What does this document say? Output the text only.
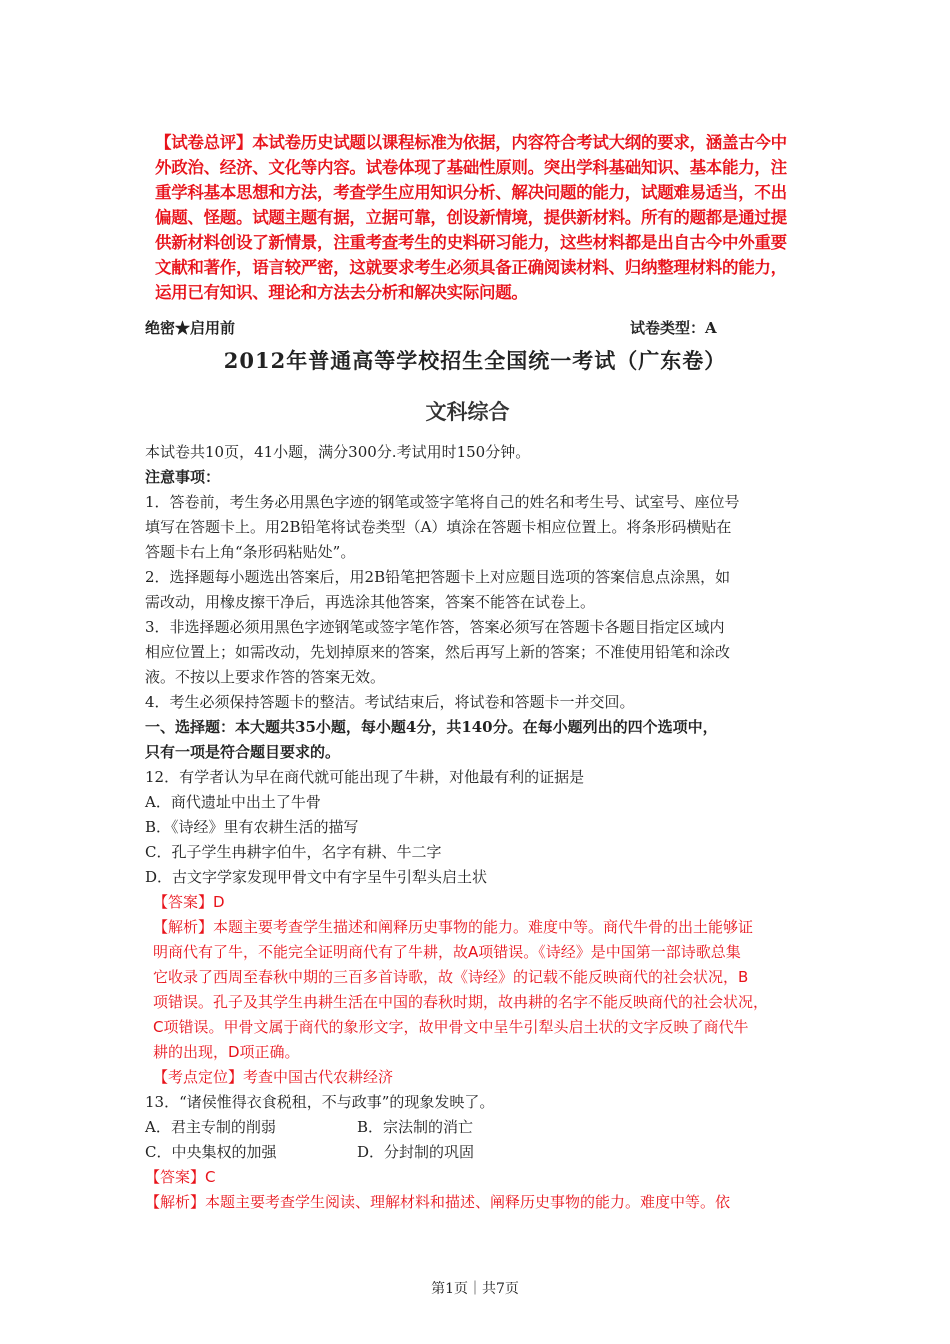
【试卷总评】本试卷历史试题以课程标准为依据，内容符合考试大纲的要求，涵盖古今中
外政治、经济、文化等内容。试卷体现了基础性原则。突出学科基础知识、基本能力，注
重学科基本思想和方法，考查学生应用知识分析、解决问题的能力，试题难易适当，不出
偏题、怪题。试题主题有据，立据可靠，创设新情境，提供新材料。所有的题都是通过提
供新材料创设了新情景，注重考查考生的史料研习能力，这些材料都是出自古今中外重要
文献和著作，语言较严密，这就要求考生必须具备正确阅读材料、归纳整理材料的能力，
运用已有知识、理论和方法去分析和解决实际问题。
绝密★启用前	试卷类型：A
2012年普通高等学校招生全国统一考试（广东卷）
文科综合
本试卷共10页，41小题，满分300分.考试用时150分钟。
注意事项：
1．答卷前，考生务必用黑色字迹的钢笔或签字笔将自己的姓名和考生号、试室号、座位号
填写在答题卡上。用2B铅笔将试卷类型（A）填涂在答题卡相应位置上。将条形码横贴在
答题卡右上角“条形码粘贴处”。
2．选择题每小题选出答案后，用2B铅笔把答题卡上对应题目选项的答案信息点涂黑，如
需改动，用橡皮擦干净后，再选涂其他答案，答案不能答在试卷上。
3．非选择题必须用黑色字迹钢笔或签字笔作答，答案必须写在答题卡各题目指定区域内
相应位置上；如需改动，先划掉原来的答案，然后再写上新的答案；不准使用铅笔和涂改
液。不按以上要求作答的答案无效。
4．考生必须保持答题卡的整洁。考试结束后，将试卷和答题卡一并交回。
一、选择题：本大题共35小题，每小题4分，共140分。在每小题列出的四个选项中，
只有一项是符合题目要求的。
12．有学者认为早在商代就可能出现了牛耕，对他最有利的证据是
A．商代遗址中出土了牛骨
B．《诗经》里有农耕生活的描写
C．孔子学生冉耕字伯牛，名字有耕、牛二字
D．古文字学家发现甲骨文中有字呈牛引犁头启土状
【答案】D
【解析】本题主要考查学生描述和阐释历史事物的能力。难度中等。商代牛骨的出土能够证
明商代有了牛，不能完全证明商代有了牛耕，故A项错误。《诗经》是中国第一部诗歌总集
它收录了西周至春秋中期的三百多首诗歌，故《诗经》的记载不能反映商代的社会状况，B
项错误。孔子及其学生冉耕生活在中国的春秋时期，故冉耕的名字不能反映商代的社会状况，
C项错误。甲骨文属于商代的象形文字，故甲骨文中呈牛引犁头启土状的文字反映了商代牛
耕的出现，D项正确。
【考点定位】考查中国古代农耕经济
13．“诸侯惟得衣食税租，不与政事”的现象发映了。
A．君主专制的削弱	B．宗法制的消亡
C．中央集权的加强	D．分封制的巩固
【答案】C
【解析】本题主要考查学生阅读、理解材料和描述、阐释历史事物的能力。难度中等。依
第1页｜共7页
